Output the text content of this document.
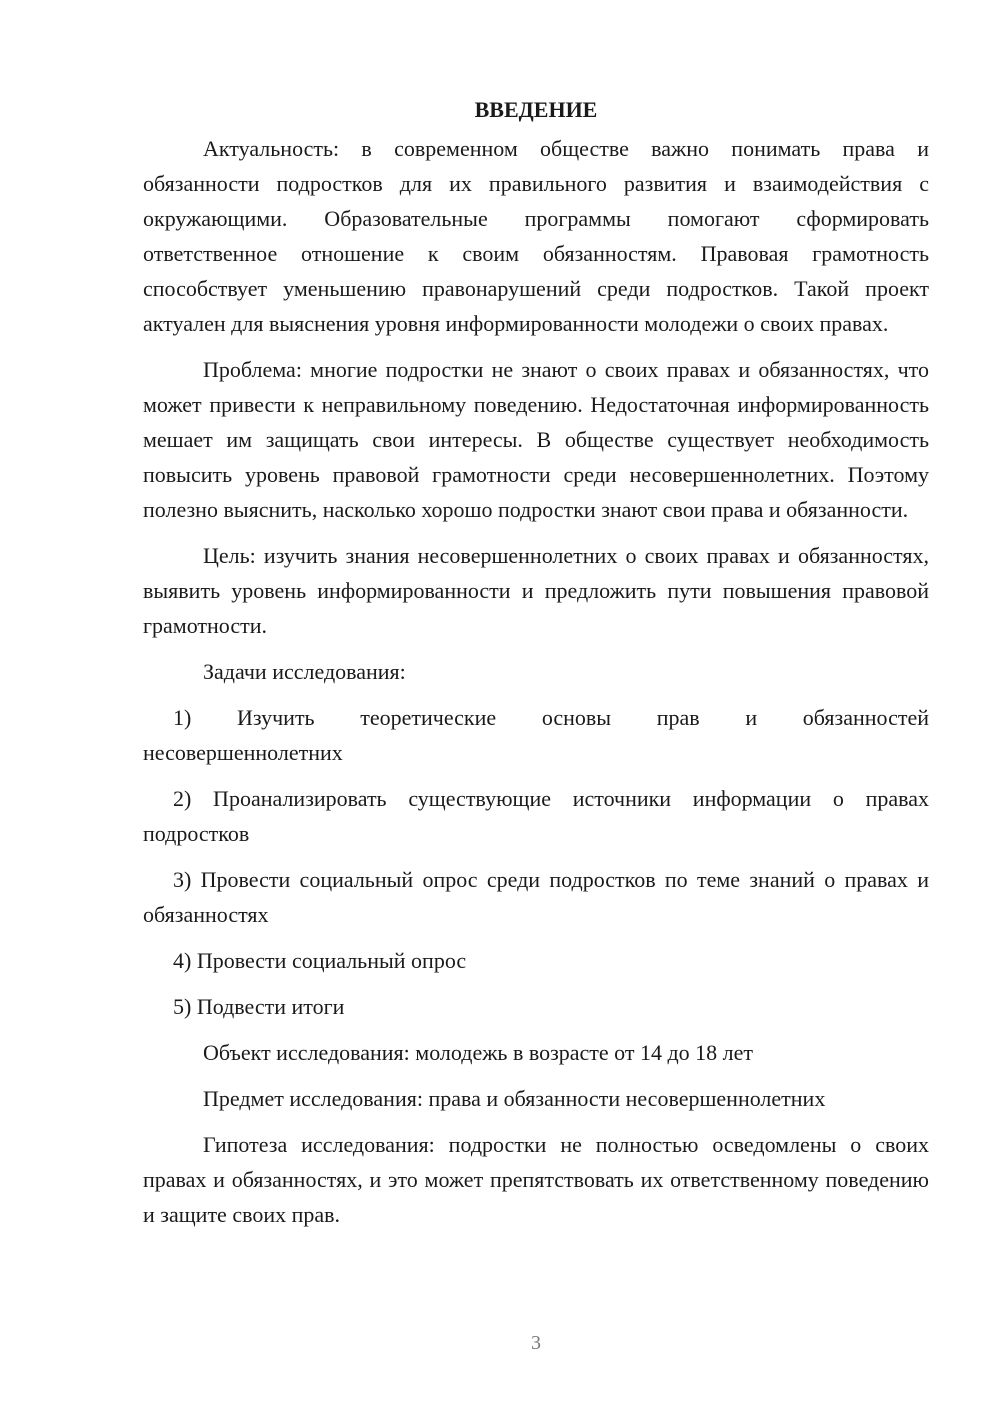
ВВЕДЕНИЕ

Актуальность: в современном обществе важно понимать права и обязанности подростков для их правильного развития и взаимодействия с окружающими. Образовательные программы помогают сформировать ответственное отношение к своим обязанностям. Правовая грамотность способствует уменьшению правонарушений среди подростков. Такой проект актуален для выяснения уровня информированности молодежи о своих правах.

Проблема: многие подростки не знают о своих правах и обязанностях, что может привести к неправильному поведению. Недостаточная информированность мешает им защищать свои интересы. В обществе существует необходимость повысить уровень правовой грамотности среди несовершеннолетних. Поэтому полезно выяснить, насколько хорошо подростки знают свои права и обязанности.

Цель: изучить знания несовершеннолетних о своих правах и обязанностях, выявить уровень информированности и предложить пути повышения правовой грамотности.

Задачи исследования:

1) Изучить теоретические основы прав и обязанностей
несовершеннолетних

2) Проанализировать существующие источники информации о правах подростков

3) Провести социальный опрос среди подростков по теме знаний о правах и обязанностях

4) Провести социальный опрос

5) Подвести итоги

Объект исследования: молодежь в возрасте от 14 до 18 лет

Предмет исследования: права и обязанности несовершеннолетних

Гипотеза исследования: подростки не полностью осведомлены о своих правах и обязанностях, и это может препятствовать их ответственному поведению и защите своих прав.

3
